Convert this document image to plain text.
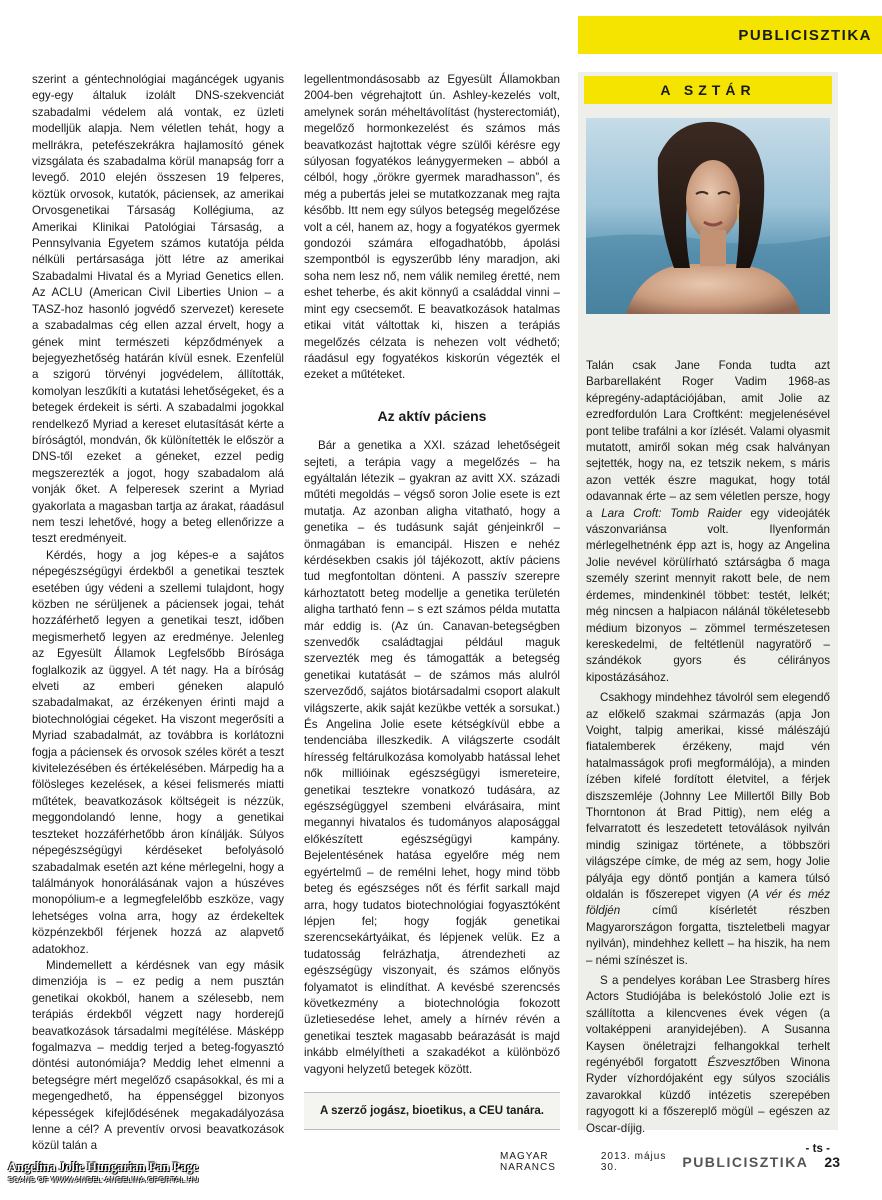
PUBLICISZTIKA

szerint a géntechnológiai magáncégek ugyanis egy-egy általuk izolált DNS-szekvenciát szabadalmi védelem alá vontak, ez üzleti modelljük alapja. Nem véletlen tehát, hogy a mellrákra, petefészekrákra hajlamosító gének vizsgálata és szabadalma körül manapság forr a levegő. 2010 elején összesen 19 felperes, köztük orvosok, kutatók, páciensek, az amerikai Orvosgenetikai Társaság Kollégiuma, az Amerikai Klinikai Patológiai Társaság, a Pennsylvania Egyetem számos kutatója példa nélküli pertársasága jött létre az amerikai Szabadalmi Hivatal és a Myriad Genetics ellen. Az ACLU (American Civil Liberties Union – a TASZ-hoz hasonló jogvédő szervezet) keresete a szabadalmas cég ellen azzal érvelt, hogy a gének mint természeti képződmények a bejegyezhetőség határán kívül esnek. Ezenfelül a szigorú törvényi jogvédelem, állították, komolyan leszűkíti a kutatási lehetőségeket, és a betegek érdekeit is sérti. A szabadalmi jogokkal rendelkező Myriad a kereset elutasítását kérte a bíróságtól, mondván, ők különítették le először a DNS-től ezeket a géneket, ezzel pedig megszerezték a jogot, hogy szabadalom alá vonják őket. A felperesek szerint a Myriad gyakorlata a magasban tartja az árakat, ráadásul nem teszi lehetővé, hogy a beteg ellenőrizze a teszt eredményeit.

Kérdés, hogy a jog képes-e a sajátos népegészségügyi érdekből a genetikai tesztek esetében úgy védeni a szellemi tulajdont, hogy közben ne sérüljenek a páciensek jogai, tehát hozzáférhető legyen a genetikai teszt, időben megismerhető legyen az eredménye. Jelenleg az Egyesült Államok Legfelsőbb Bírósága foglalkozik az üggyel. A tét nagy. Ha a bíróság elveti az emberi géneken alapuló szabadalmakat, az érzékenyen érinti majd a biotechnológiai cégeket. Ha viszont megerősíti a Myriad szabadalmát, az továbbra is korlátozni fogja a páciensek és orvosok széles körét a teszt kivitelezésében és értékelésében. Márpedig ha a fölösleges kezelések, a kései felismerés miatti műtétek, beavatkozások költségeit is nézzük, meggondolandó lenne, hogy a genetikai teszteket hozzáférhetőbb áron kínálják. Súlyos népegészségügyi kérdéseket befolyásoló szabadalmak esetén azt kéne mérlegelni, hogy a találmányok honorálásának vajon a húszéves monopólium-e a legmegfelelőbb eszköze, vagy lehetséges volna arra, hogy az érdekeltek közpénzekből férjenek hozzá az alapvető adatokhoz.

Mindemellett a kérdésnek van egy másik dimenziója is – ez pedig a nem pusztán genetikai okokból, hanem a szélesebb, nem terápiás érdekből végzett nagy horderejű beavatkozások társadalmi megítélése. Másképp fogalmazva – meddig terjed a beteg-fogyasztó döntési autonómiája? Meddig lehet elmenni a betegségre mért megelőző csapásokkal, és mi a megengedhető, ha éppenséggel bizonyos képességek kifejlődésének megakadályozása lenne a cél? A preventív orvosi beavatkozások közül talán a

legellentmondásosabb az Egyesült Államokban 2004-ben végrehajtott ún. Ashley-kezelés volt, amelynek során méheltávolítást (hysterectomiát), megelőző hormonkezelést és számos más beavatkozást hajtottak végre szülői kérésre egy súlyosan fogyatékos leánygyermeken – abból a célból, hogy „örökre gyermek maradhasson”, és még a pubertás jelei se mutatkozzanak meg rajta később. Itt nem egy súlyos betegség megelőzése volt a cél, hanem az, hogy a fogyatékos gyermek gondozói számára elfogadhatóbb, ápolási szempontból is egyszerűbb lény maradjon, aki soha nem lesz nő, nem válik nemileg éretté, nem eshet teherbe, és akit könnyű a családdal vinni – mint egy csecsemőt. E beavatkozások hatalmas etikai vitát váltottak ki, hiszen a terápiás megelőzés célzata is nehezen volt védhető; ráadásul egy fogyatékos kiskorún végezték el ezeket a műtéteket.

Az aktív páciens

Bár a genetika a XXI. század lehetőségeit sejteti, a terápia vagy a megelőzés – ha egyáltalán létezik – gyakran az avitt XX. századi műtéti megoldás – végső soron Jolie esete is ezt mutatja. Az azonban aligha vitatható, hogy a genetika – és tudásunk saját génjeinkről – önmagában is emancipál. Hiszen e nehéz kérdésekben csakis jól tájékozott, aktív páciens tud megfontoltan dönteni. A passzív szerepre kárhoztatott beteg modellje a genetika területén aligha tartható fenn – s ezt számos példa mutatta már eddig is. (Az ún. Canavan-betegségben szenvedők családtagjai például maguk szervezték meg és támogatták a betegség genetikai kutatását – de számos más alulról szerveződő, sajátos biotársadalmi csoport alakult világszerte, akik saját kezükbe vették a sorsukat.) És Angelina Jolie esete kétségkívül ebbe a tendenciába illeszkedik. A világszerte csodált híresség feltárulkozása komolyabb hatással lehet nők millióinak egészségügyi ismereteire, genetikai tesztekre vonatkozó tudására, az egészségüggyel szembeni elvárásaira, mint megannyi hivatalos és tudományos alaposággal előkészített egészségügyi kampány. Bejelentésének hatása egyelőre még nem egyértelmű – de remélni lehet, hogy mind több beteg és egészséges nőt és férfit sarkall majd arra, hogy tudatos biotechnológiai fogyasztóként lépjen fel; hogy fogják genetikai szerencsekártyáikat, és lépjenek velük. Ez a tudatosság felrázhatja, átrendezheti az egészségügy viszonyait, és számos előnyös folyamatot is elindíthat. A kevésbé szerencsés következmény a biotechnológia fokozott üzletiesedése lehet, amely a hírnév révén a genetikai tesztek magasabb beárazását is majd inkább elmélyítheti a szakadékot a különböző vagyoni helyzetű betegek között.

A szerző jogász, bioetikus, a CEU tanára.
A SZTÁR

Talán csak Jane Fonda tudta azt Barbarellaként Roger Vadim 1968-as képregény-adaptációjában, amit Jolie az ezredfordulón Lara Croftként: megjelenésével pont telibe trafálni a kor ízlését. Valami olyasmit mutatott, amiről sokan még csak halványan sejtették, hogy na, ez tetszik nekem, s máris azon vették észre magukat, hogy totál odavannak érte – az sem véletlen persze, hogy a Lara Croft: Tomb Raider egy videojáték vászonvariánsa volt. Ilyenformán mérlegelhetnénk épp azt is, hogy az Angelina Jolie nevével körülírható sztárságba ő maga személy szerint mennyit rakott bele, de nem érdemes, mindenkinél többet: testét, lelkét; még nincsen a halpiacon nálánál tökéletesebb médium bizonyos – zömmel természetesen kereskedelmi, de feltétlenül nagyratörő – szándékok gyors és célirányos kipostázásához.

Csakhogy mindehhez távolról sem elegendő az előkelő szakmai származás (apja Jon Voight, talpig amerikai, kissé málészájú fiatalemberek érzékeny, majd vén hatalmasságok profi megformálója), a minden ízében kifelé fordított életvitel, a férjek diszszemléje (Johnny Lee Millertől Billy Bob Thorntonon át Brad Pittig), nem elég a felvarratott és leszedetett tetoválások nyilván mindig szinigaz története, a többszöri világszépe címke, de még az sem, hogy Jolie pályája egy döntő pontján a kamera túlsó oldalán is főszerepet vigyen (A vér és méz földjén című kísérletét részben Magyarországon forgatta, tiszteletbeli magyar nyilván), mindehhez kellett – ha hiszik, ha nem – némi színészet is.

S a pendelyes korában Lee Strasberg híres Actors Studiójába is belekóstoló Jolie ezt is szállította a kilencvenes évek végen (a voltaképpeni aranyidejében). A Susanna Kaysen önéletrajzi felhangokkal terhelt regényéből forgatott Észvesztőben Winona Ryder vízhordójaként egy súlyos szociális zavarokkal küzdő intézetis szerepében ragyogott ki a főszereplő mögül – egészen az Oscar-díjig.

- ts -
Angelina Jolie Hungarian Fan Page
SCANS OF WWW.ANGEL-ANGELINA.GPORTAL.HU
MAGYAR NARANCS
2013. május 30.	PUBLICISZTIKA 23
